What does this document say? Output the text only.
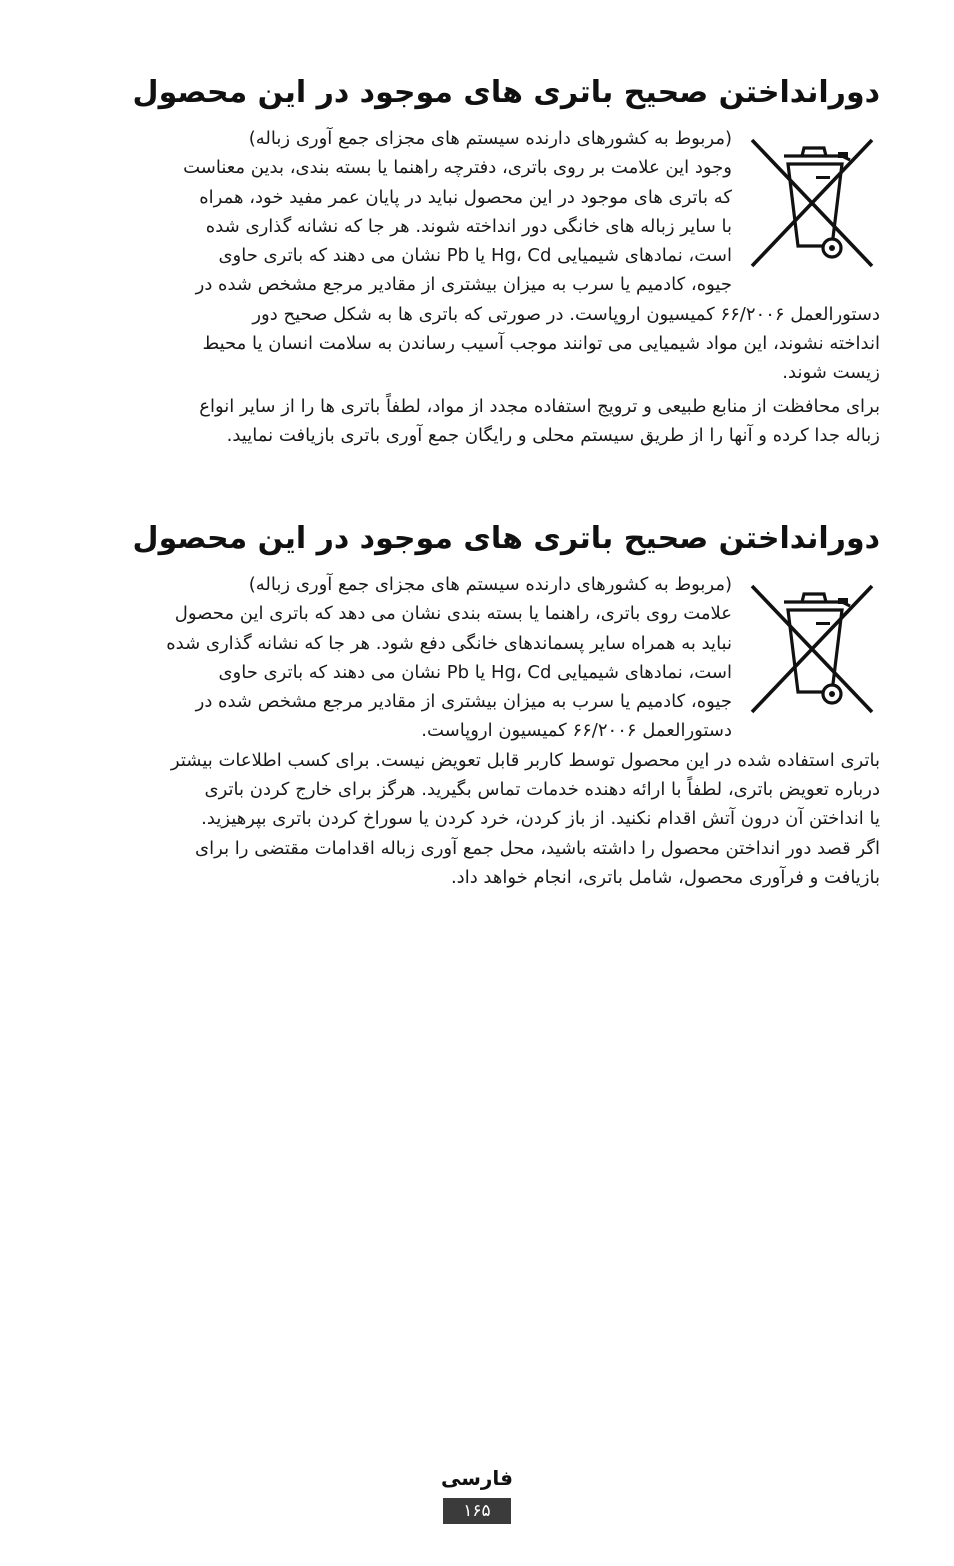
دورانداختن صحیح باتری های موجود در این محصول
(مربوط به کشورهای دارنده سیستم های مجزای جمع آوری زباله)
وجود این علامت بر روی باتری، دفترچه راهنما یا بسته بندی، بدین معناست
که باتری های موجود در این محصول نباید در پایان عمر مفید خود، همراه
با سایر زباله های خانگی دور انداخته شوند. هر جا که نشانه گذاری شده
است، نمادهای شیمیایی Hg، Cd یا Pb نشان می دهند که باتری حاوی
جیوه، کادمیم یا سرب به میزان بیشتری از مقادیر مرجع مشخص شده در
دستورالعمل ۶۶/۲۰۰۶ کمیسیون اروپاست. در صورتی که باتری ها به شکل صحیح دور
انداخته نشوند، این مواد شیمیایی می توانند موجب آسیب رساندن به سلامت انسان یا محیط
زیست شوند.
برای محافظت از منابع طبیعی و ترویج استفاده مجدد از مواد، لطفاً باتری ها را از سایر انواع
زباله جدا کرده و آنها را از طریق سیستم محلی و رایگان جمع آوری باتری بازیافت نمایید.
دورانداختن صحیح باتری های موجود در این محصول
(مربوط به کشورهای دارنده سیستم های مجزای جمع آوری زباله)
علامت روی باتری، راهنما یا بسته بندی نشان می دهد که باتری این محصول
نباید به همراه سایر پسماندهای خانگی دفع شود. هر جا که نشانه گذاری شده
است، نمادهای شیمیایی Hg، Cd یا Pb نشان می دهند که باتری حاوی
جیوه، کادمیم یا سرب به میزان بیشتری از مقادیر مرجع مشخص شده در
دستورالعمل ۶۶/۲۰۰۶ کمیسیون اروپاست.
باتری استفاده شده در این محصول توسط کاربر قابل تعویض نیست. برای کسب اطلاعات بیشتر
درباره تعویض باتری، لطفاً با ارائه دهنده خدمات تماس بگیرید. هرگز برای خارج کردن باتری
یا انداختن آن درون آتش اقدام نکنید. از باز کردن، خرد کردن یا سوراخ کردن باتری بپرهیزید.
اگر قصد دور انداختن محصول را داشته باشید، محل جمع آوری زباله اقدامات مقتضی را برای
بازیافت و فرآوری محصول، شامل باتری، انجام خواهد داد.
فارسی
۱۶۵
